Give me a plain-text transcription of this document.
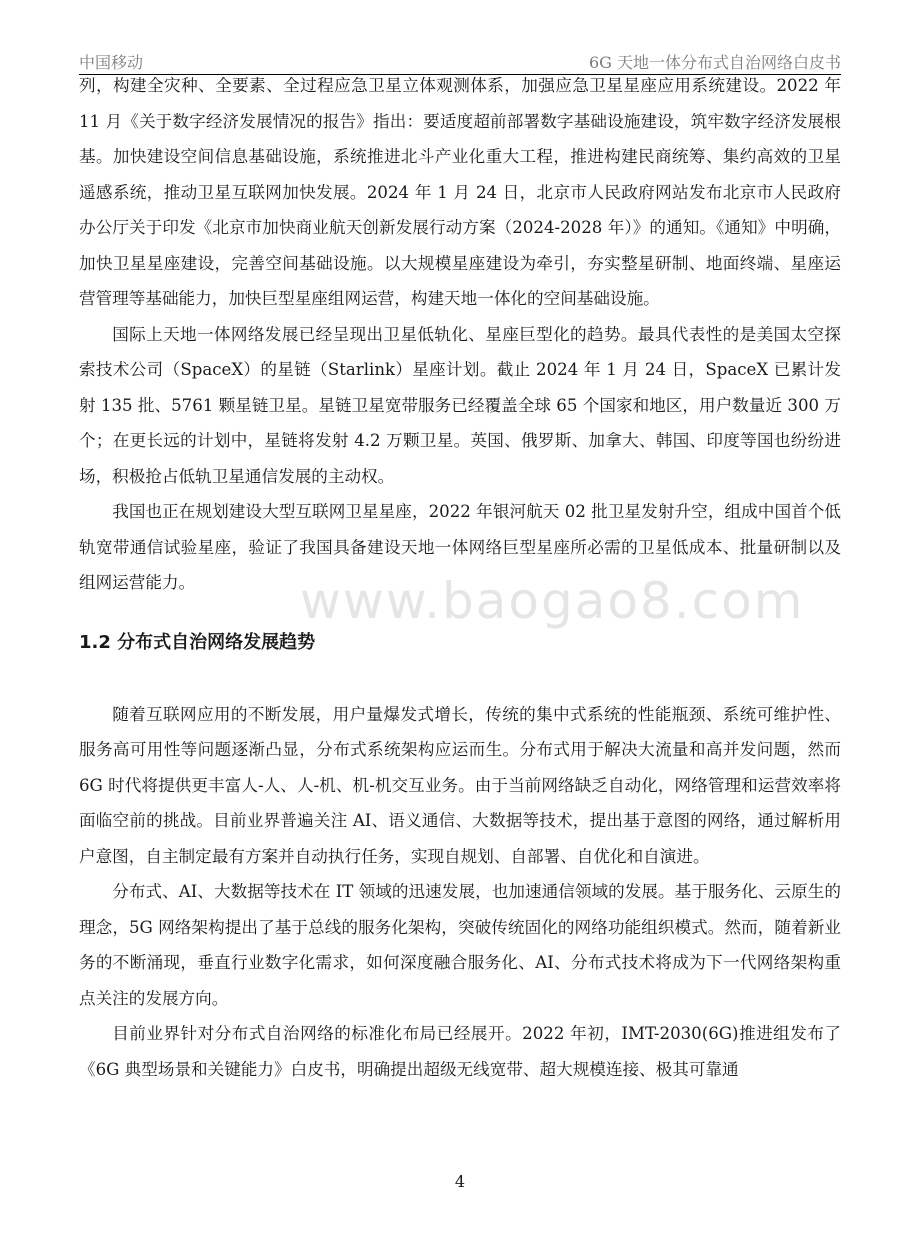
中国移动	6G 天地一体分布式自治网络白皮书
www.baogao8.com

列，构建全灾种、全要素、全过程应急卫星立体观测体系，加强应急卫星星座应用系统建设。2022 年 11 月《关于数字经济发展情况的报告》指出：要适度超前部署数字基础设施建设，筑牢数字经济发展根基。加快建设空间信息基础设施，系统推进北斗产业化重大工程，推进构建民商统筹、集约高效的卫星遥感系统，推动卫星互联网加快发展。2024 年 1 月 24 日，北京市人民政府网站发布北京市人民政府办公厅关于印发《北京市加快商业航天创新发展行动方案（2024-2028 年）》的通知。《通知》中明确，加快卫星星座建设，完善空间基础设施。以大规模星座建设为牵引，夯实整星研制、地面终端、星座运营管理等基础能力，加快巨型星座组网运营，构建天地一体化的空间基础设施。

国际上天地一体网络发展已经呈现出卫星低轨化、星座巨型化的趋势。最具代表性的是美国太空探索技术公司（SpaceX）的星链（Starlink）星座计划。截止 2024 年 1 月 24 日，SpaceX 已累计发射 135 批、5761 颗星链卫星。星链卫星宽带服务已经覆盖全球 65 个国家和地区，用户数量近 300 万个；在更长远的计划中，星链将发射 4.2 万颗卫星。英国、俄罗斯、加拿大、韩国、印度等国也纷纷进场，积极抢占低轨卫星通信发展的主动权。

我国也正在规划建设大型互联网卫星星座，2022 年银河航天 02 批卫星发射升空，组成中国首个低轨宽带通信试验星座，验证了我国具备建设天地一体网络巨型星座所必需的卫星低成本、批量研制以及组网运营能力。

1.2 分布式自治网络发展趋势

随着互联网应用的不断发展，用户量爆发式增长，传统的集中式系统的性能瓶颈、系统可维护性、服务高可用性等问题逐渐凸显，分布式系统架构应运而生。分布式用于解决大流量和高并发问题，然而 6G 时代将提供更丰富人-人、人-机、机-机交互业务。由于当前网络缺乏自动化，网络管理和运营效率将面临空前的挑战。目前业界普遍关注 AI、语义通信、大数据等技术，提出基于意图的网络，通过解析用户意图，自主制定最有方案并自动执行任务，实现自规划、自部署、自优化和自演进。

分布式、AI、大数据等技术在 IT 领域的迅速发展，也加速通信领域的发展。基于服务化、云原生的理念，5G 网络架构提出了基于总线的服务化架构，突破传统固化的网络功能组织模式。然而，随着新业务的不断涌现，垂直行业数字化需求，如何深度融合服务化、AI、分布式技术将成为下一代网络架构重点关注的发展方向。

目前业界针对分布式自治网络的标准化布局已经展开。2022 年初，IMT-2030(6G)推进组发布了《6G 典型场景和关键能力》白皮书，明确提出超级无线宽带、超大规模连接、极其可靠通

4
